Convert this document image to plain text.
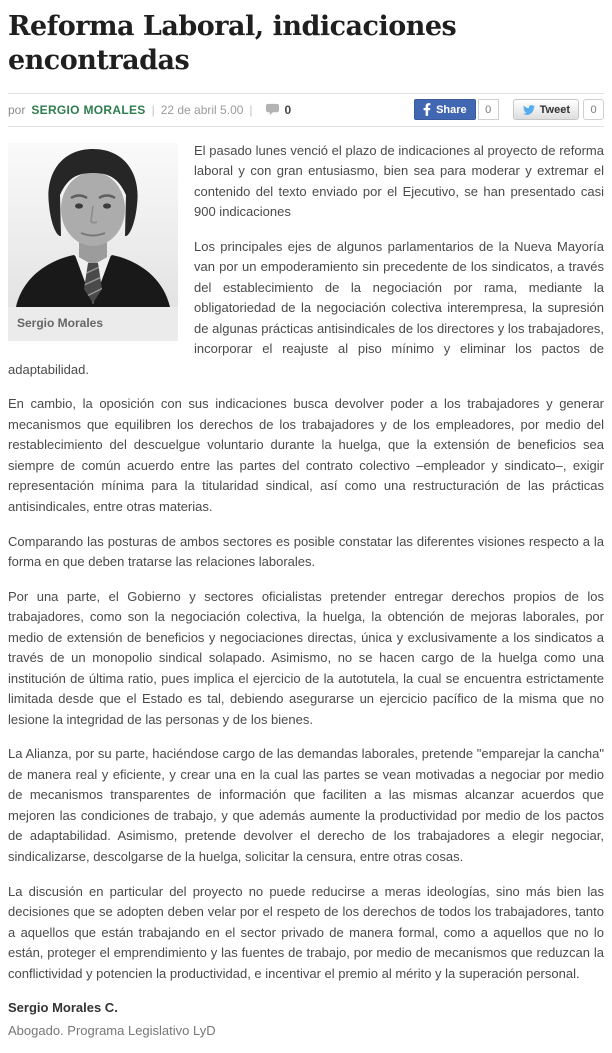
Reforma Laboral, indicaciones encontradas
por SERGIO MORALES | 22 de abril 5.00 |	0	Share	0	Tweet	0
Sergio Morales

El pasado lunes venció el plazo de indicaciones al proyecto de reforma laboral y con gran entusiasmo, bien sea para moderar y extremar el contenido del texto enviado por el Ejecutivo, se han presentado casi 900 indicaciones

Los principales ejes de algunos parlamentarios de la Nueva Mayoría van por un empoderamiento sin precedente de los sindicatos, a través del establecimiento de la negociación por rama, mediante la obligatoriedad de la negociación colectiva interempresa, la supresión de algunas prácticas antisindicales de los directores y los trabajadores, incorporar el reajuste al piso mínimo y eliminar los pactos de adaptabilidad.

En cambio, la oposición con sus indicaciones busca devolver poder a los trabajadores y generar mecanismos que equilibren los derechos de los trabajadores y de los empleadores, por medio del restablecimiento del descuelgue voluntario durante la huelga, que la extensión de beneficios sea siempre de común acuerdo entre las partes del contrato colectivo –empleador y sindicato–, exigir representación mínima para la titularidad sindical, así como una restructuración de las prácticas antisindicales, entre otras materias.

Comparando las posturas de ambos sectores es posible constatar las diferentes visiones respecto a la forma en que deben tratarse las relaciones laborales.

Por una parte, el Gobierno y sectores oficialistas pretender entregar derechos propios de los trabajadores, como son la negociación colectiva, la huelga, la obtención de mejoras laborales, por medio de extensión de beneficios y negociaciones directas, única y exclusivamente a los sindicatos a través de un monopolio sindical solapado. Asimismo, no se hacen cargo de la huelga como una institución de última ratio, pues implica el ejercicio de la autotutela, la cual se encuentra estrictamente limitada desde que el Estado es tal, debiendo asegurarse un ejercicio pacífico de la misma que no lesione la integridad de las personas y de los bienes.

La Alianza, por su parte, haciéndose cargo de las demandas laborales, pretende "emparejar la cancha" de manera real y eficiente, y crear una en la cual las partes se vean motivadas a negociar por medio de mecanismos transparentes de información que faciliten a las mismas alcanzar acuerdos que mejoren las condiciones de trabajo, y que además aumente la productividad por medio de los pactos de adaptabilidad. Asimismo, pretende devolver el derecho de los trabajadores a elegir negociar, sindicalizarse, descolgarse de la huelga, solicitar la censura, entre otras cosas.

La discusión en particular del proyecto no puede reducirse a meras ideologías, sino más bien las decisiones que se adopten deben velar por el respeto de los derechos de todos los trabajadores, tanto a aquellos que están trabajando en el sector privado de manera formal, como a aquellos que no lo están, proteger el emprendimiento y las fuentes de trabajo, por medio de mecanismos que reduzcan la conflictividad y potencien la productividad, e incentivar el premio al mérito y la superación personal.

Sergio Morales C.

Abogado. Programa Legislativo LyD
